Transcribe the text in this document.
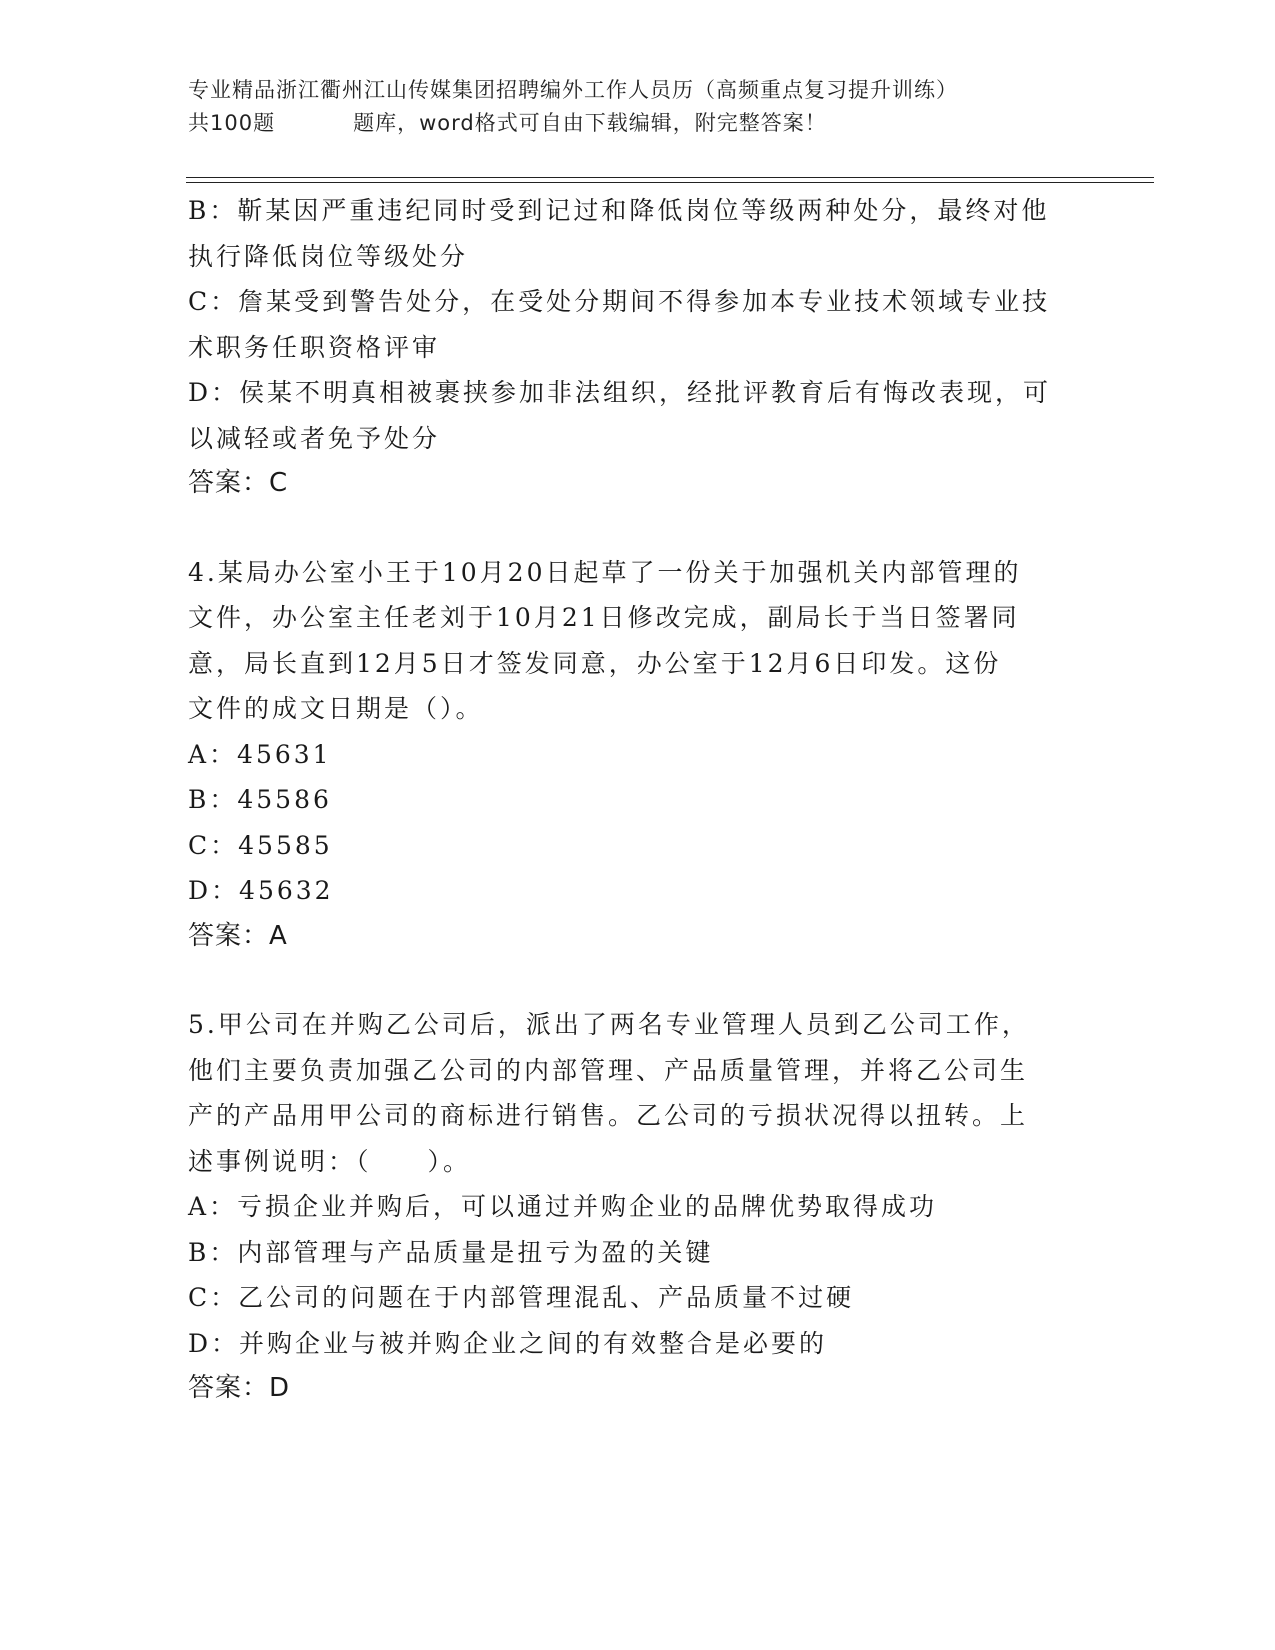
专业精品浙江衢州江山传媒集团招聘编外工作人员历（高频重点复习提升训练）
共100题	题库，word格式可自由下载编辑，附完整答案！
B：靳某因严重违纪同时受到记过和降低岗位等级两种处分，最终对他
执行降低岗位等级处分
C：詹某受到警告处分，在受处分期间不得参加本专业技术领域专业技
术职务任职资格评审
D：侯某不明真相被裹挟参加非法组织，经批评教育后有悔改表现，可
以减轻或者免予处分
答案：C
4.某局办公室小王于10月20日起草了一份关于加强机关内部管理的
文件，办公室主任老刘于10月21日修改完成，副局长于当日签署同
意，局长直到12月5日才签发同意，办公室于12月6日印发。这份
文件的成文日期是（）。
A：45631
B：45586
C：45585
D：45632
答案：A
5.甲公司在并购乙公司后，派出了两名专业管理人员到乙公司工作，
他们主要负责加强乙公司的内部管理、产品质量管理，并将乙公司生
产的产品用甲公司的商标进行销售。乙公司的亏损状况得以扭转。上
述事例说明：（　　）。
A：亏损企业并购后，可以通过并购企业的品牌优势取得成功
B：内部管理与产品质量是扭亏为盈的关键
C：乙公司的问题在于内部管理混乱、产品质量不过硬
D：并购企业与被并购企业之间的有效整合是必要的
答案：D
